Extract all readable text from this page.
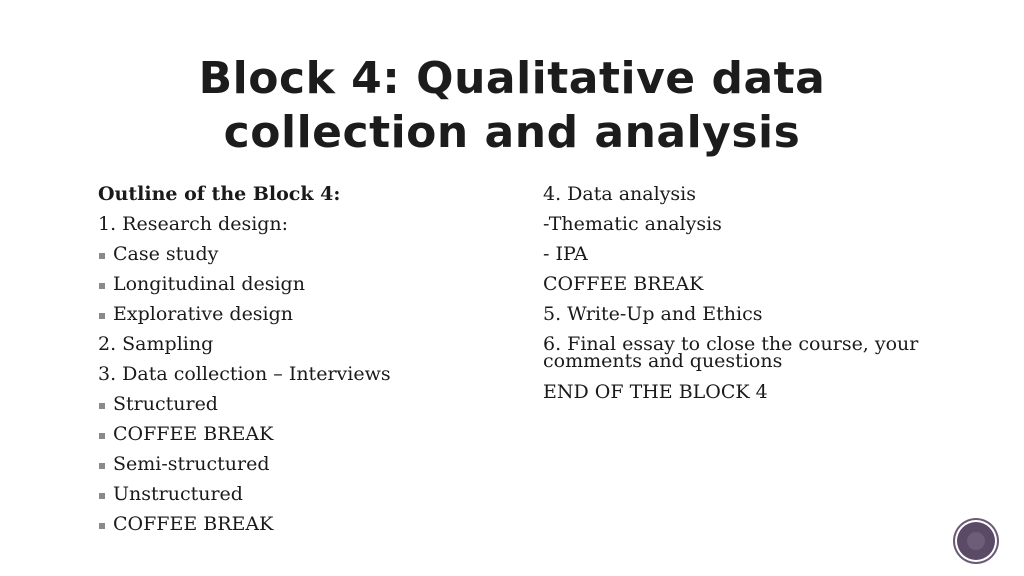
Block 4: Qualitative data
collection and analysis
Outline of the Block 4:
1. Research design:
Case study
Longitudinal design
Explorative design
2. Sampling
3. Data collection – Interviews
Structured
COFFEE BREAK
Semi-structured
Unstructured
COFFEE BREAK
4. Data analysis
-Thematic analysis
- IPA
COFFEE BREAK
5. Write-Up and Ethics
6. Final essay to close the course, your comments and questions
END OF THE BLOCK 4
